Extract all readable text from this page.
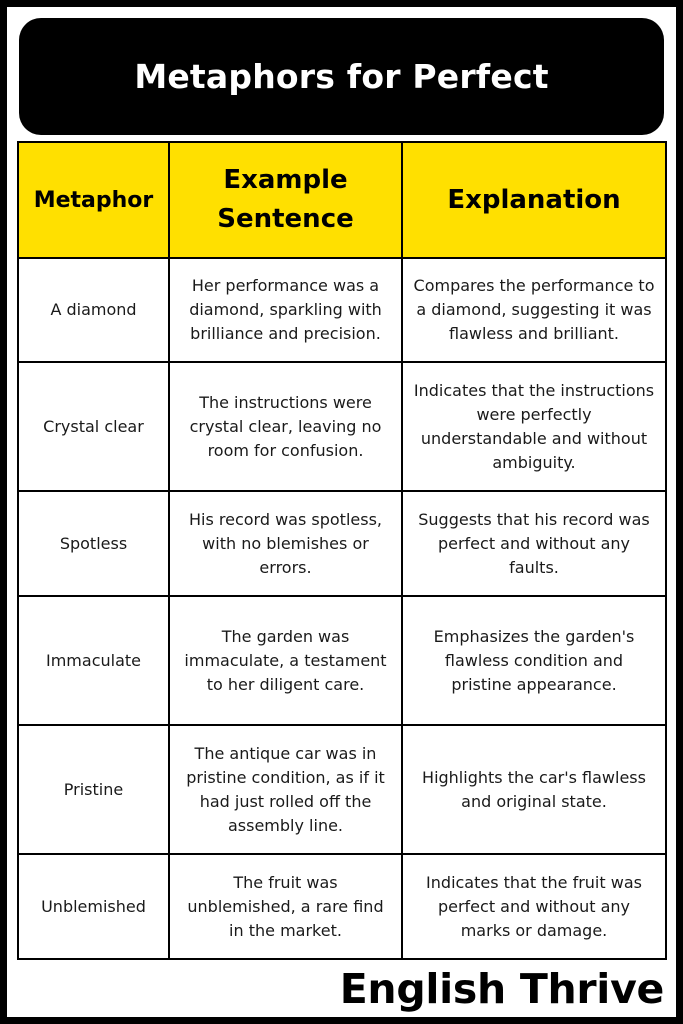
Metaphors for Perfect
Metaphor	Example Sentence	Explanation
A diamond	Her performance was a diamond, sparkling with brilliance and precision.	Compares the performance to a diamond, suggesting it was flawless and brilliant.
Crystal clear	The instructions were crystal clear, leaving no room for confusion.	Indicates that the instructions were perfectly understandable and without ambiguity.
Spotless	His record was spotless, with no blemishes or errors.	Suggests that his record was perfect and without any faults.
Immaculate	The garden was immaculate, a testament to her diligent care.	Emphasizes the garden's flawless condition and pristine appearance.
Pristine	The antique car was in pristine condition, as if it had just rolled off the assembly line.	Highlights the car's flawless and original state.
Unblemished	The fruit was unblemished, a rare find in the market.	Indicates that the fruit was perfect and without any marks or damage.
English Thrive
